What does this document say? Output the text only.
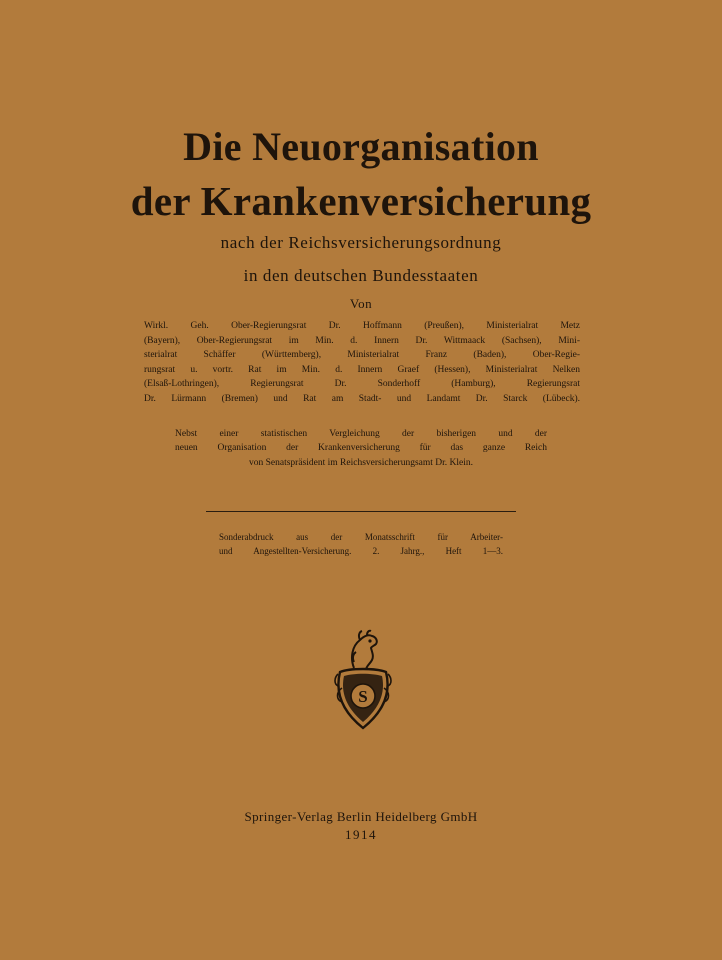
Die Neuorganisation
der Krankenversicherung
nach der Reichsversicherungsordnung
in den deutschen Bundesstaaten
Von
Wirkl. Geh. Ober-Regierungsrat Dr. Hoffmann (Preußen), Ministerialrat Metz
(Bayern), Ober-Regierungsrat im Min. d. Innern Dr. Wittmaack (Sachsen), Mini-
sterialrat Schäffer (Württemberg), Ministerialrat Franz (Baden), Ober-Regie-
rungsrat u. vortr. Rat im Min. d. Innern Graef (Hessen), Ministerialrat Nelken
(Elsaß-Lothringen), Regierungsrat Dr. Sonderhoff (Hamburg), Regierungsrat
Dr. Lürmann (Bremen) und Rat am Stadt- und Landamt Dr. Starck (Lübeck).
Nebst einer statistischen Vergleichung der bisherigen und der
neuen Organisation der Krankenversicherung für das ganze Reich
von Senatspräsident im Reichsversicherungsamt Dr. Klein.
Sonderabdruck aus der Monatsschrift für Arbeiter-
und Angestellten-Versicherung. 2. Jahrg., Heft 1—3.
S
Springer-Verlag Berlin Heidelberg GmbH
1914
